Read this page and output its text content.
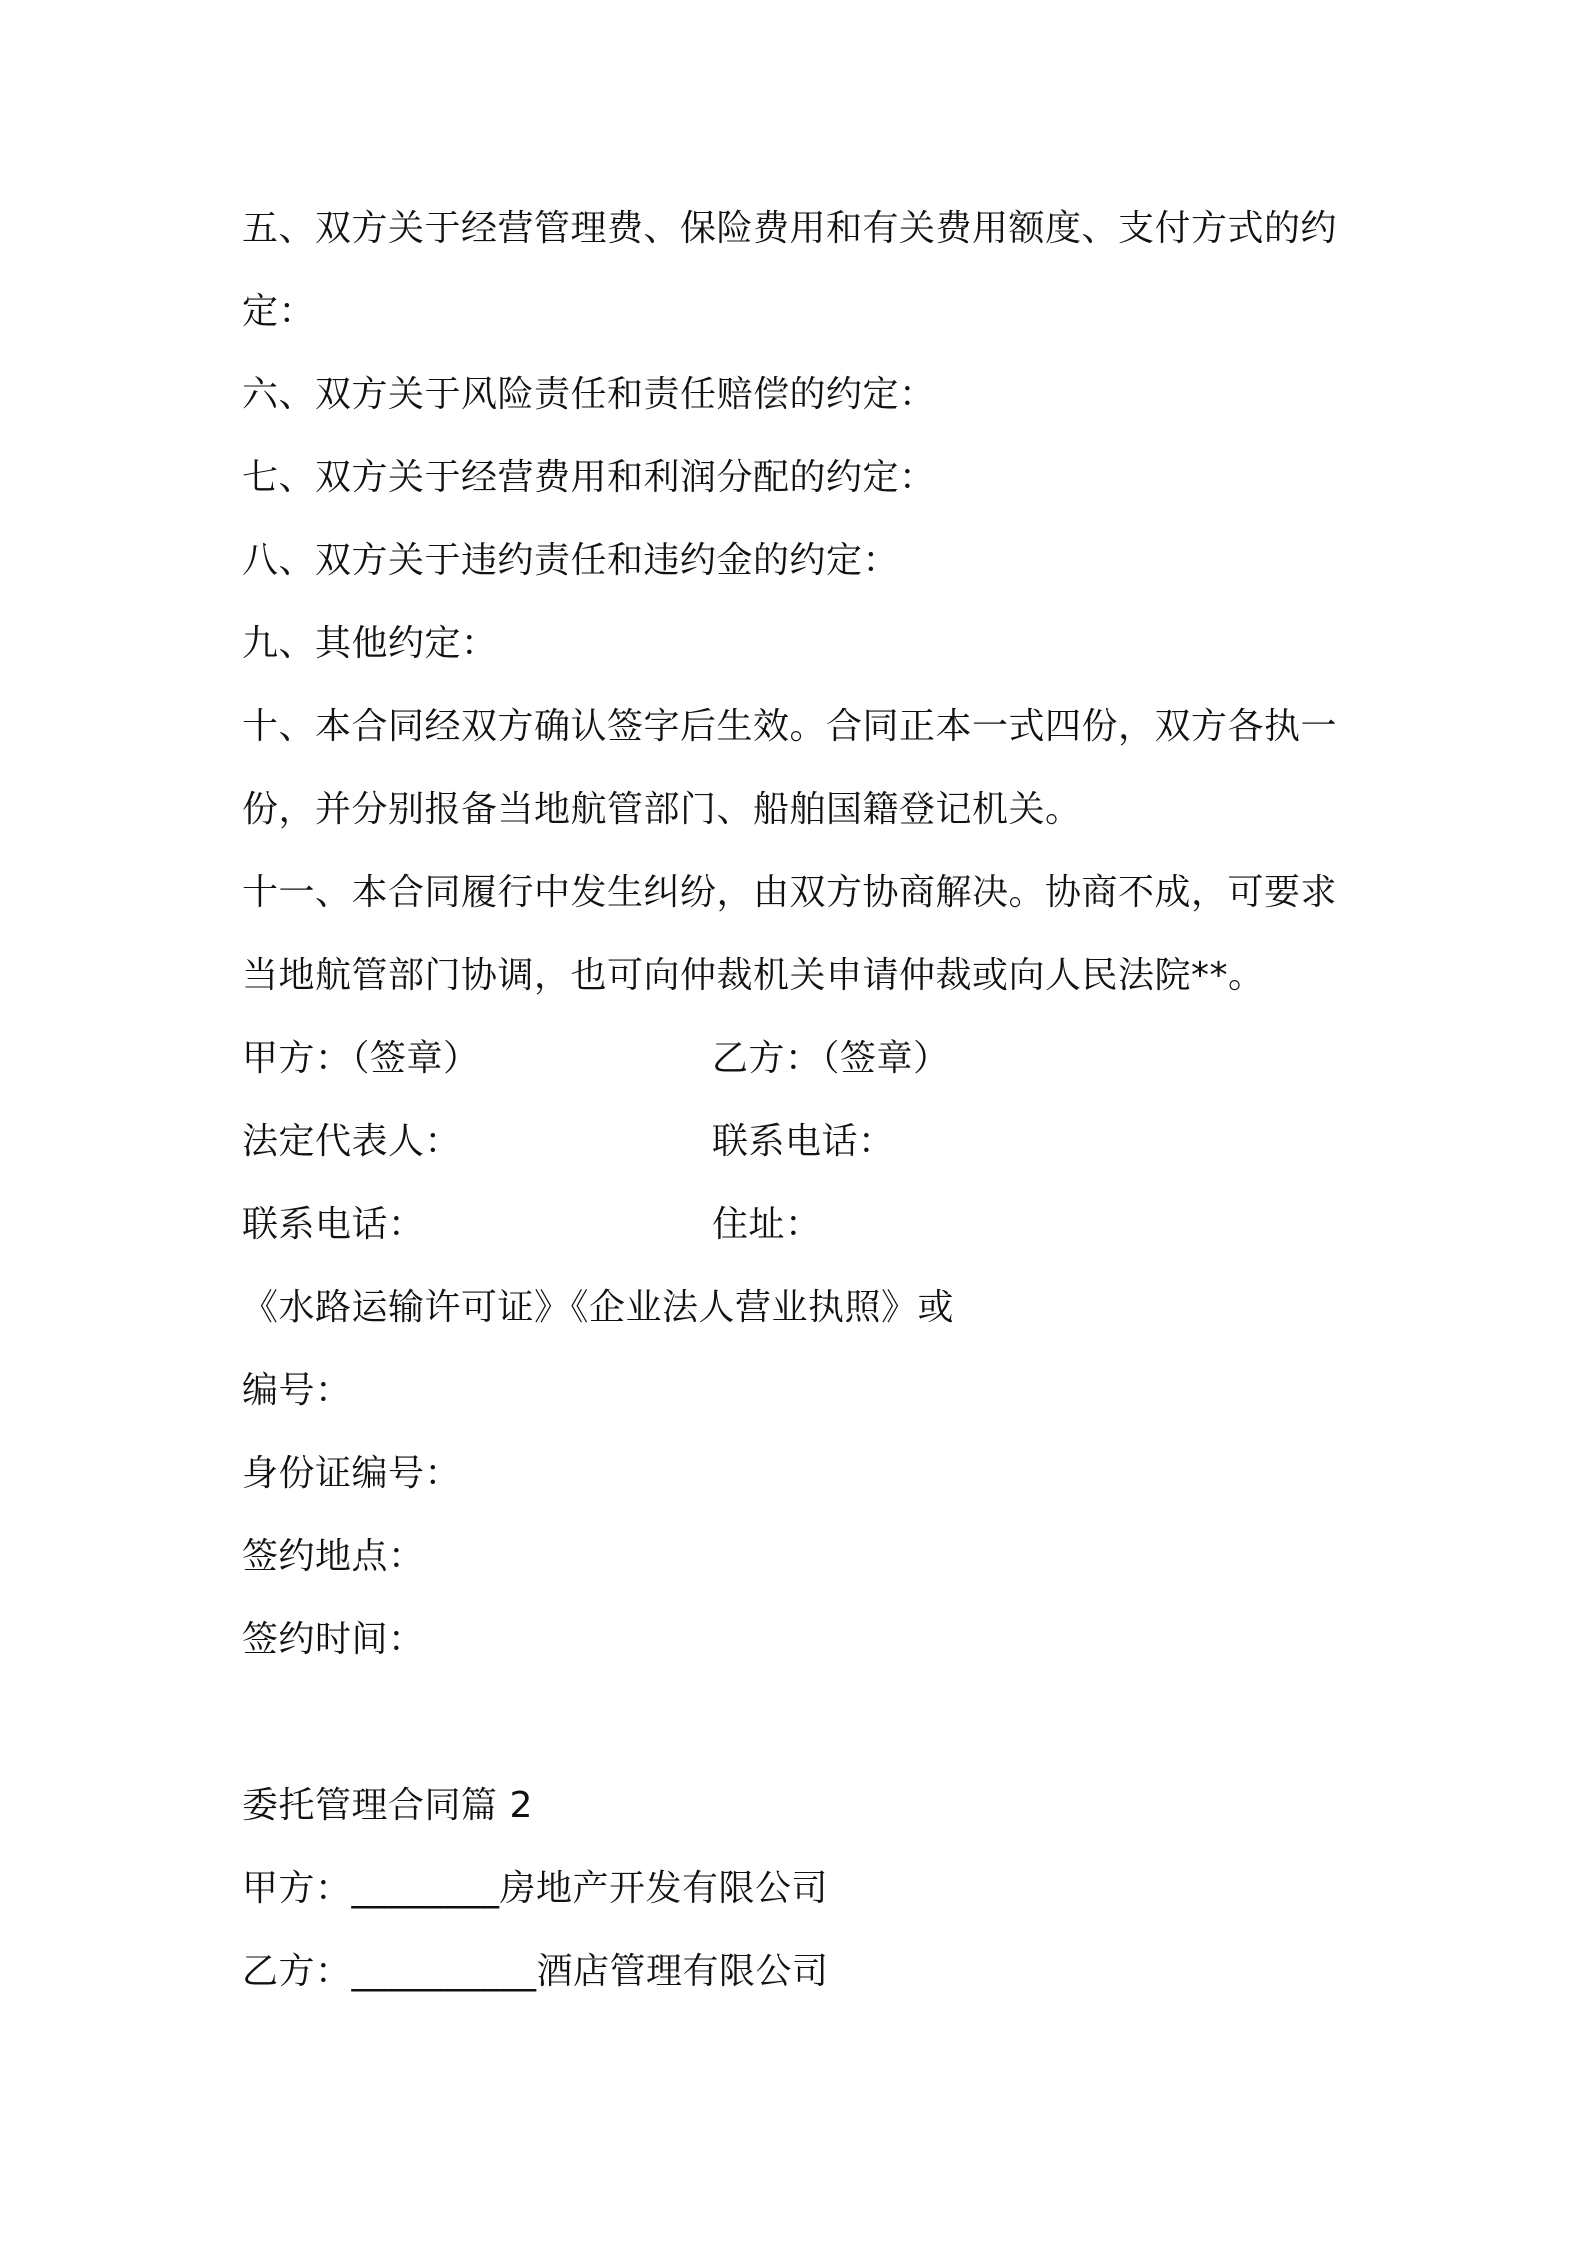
五、双方关于经营管理费、保险费用和有关费用额度、支付方式的约
定：
六、双方关于风险责任和责任赔偿的约定：
七、双方关于经营费用和利润分配的约定：
八、双方关于违约责任和违约金的约定：
九、其他约定：
十、本合同经双方确认签字后生效。合同正本一式四份，双方各执一
份，并分别报备当地航管部门、船舶国籍登记机关。
十一、本合同履行中发生纠纷，由双方协商解决。协商不成，可要求
当地航管部门协调，也可向仲裁机关申请仲裁或向人民法院**。
甲方：（签章）	乙方：（签章）
法定代表人：	联系电话：
联系电话：	住址：
《水路运输许可证》《企业法人营业执照》或
编号：
身份证编号：
签约地点：
签约时间：
委托管理合同篇 2
甲方：________房地产开发有限公司
乙方：__________酒店管理有限公司
